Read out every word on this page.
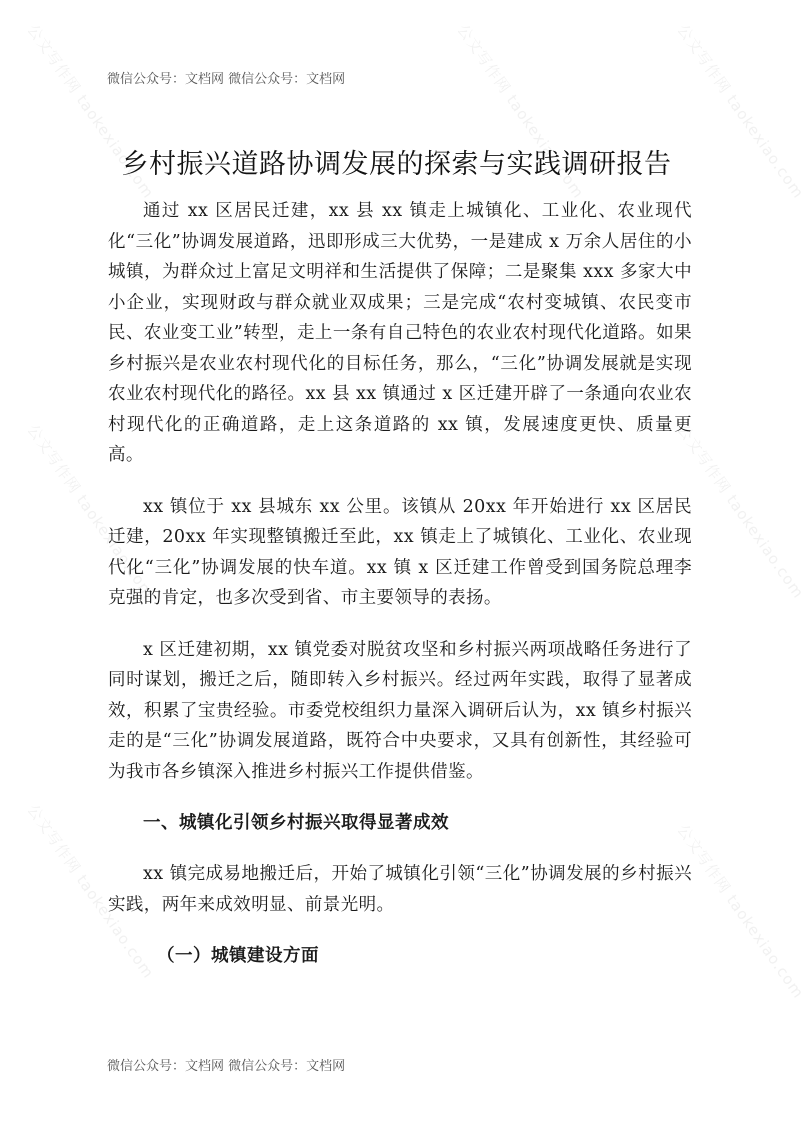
公文写作网 taokexiao.com
公文写作网 taokexiao.com
公文写作网 taokexiao.com
公文写作网 taokexiao.com
公文写作网 taokexiao.com
公文写作网 taokexiao.com
公文写作网 taokexiao.com
微信公众号：文档网 微信公众号：文档网
乡村振兴道路协调发展的探索与实践调研报告

通过 xx 区居民迁建，xx 县 xx 镇走上城镇化、工业化、农业现代化“三化”协调发展道路，迅即形成三大优势，一是建成 x 万余人居住的小城镇，为群众过上富足文明祥和生活提供了保障；二是聚集 xxx 多家大中小企业，实现财政与群众就业双成果；三是完成“农村变城镇、农民变市民、农业变工业”转型，走上一条有自己特色的农业农村现代化道路。如果乡村振兴是农业农村现代化的目标任务，那么，“三化”协调发展就是实现农业农村现代化的路径。xx 县 xx 镇通过 x 区迁建开辟了一条通向农业农村现代化的正确道路，走上这条道路的 xx 镇，发展速度更快、质量更高。

xx 镇位于 xx 县城东 xx 公里。该镇从 20xx 年开始进行 xx 区居民迁建，20xx 年实现整镇搬迁至此，xx 镇走上了城镇化、工业化、农业现代化“三化”协调发展的快车道。xx 镇 x 区迁建工作曾受到国务院总理李克强的肯定，也多次受到省、市主要领导的表扬。

x 区迁建初期，xx 镇党委对脱贫攻坚和乡村振兴两项战略任务进行了同时谋划，搬迁之后，随即转入乡村振兴。经过两年实践，取得了显著成效，积累了宝贵经验。市委党校组织力量深入调研后认为，xx 镇乡村振兴走的是“三化”协调发展道路，既符合中央要求，又具有创新性，其经验可为我市各乡镇深入推进乡村振兴工作提供借鉴。

一、城镇化引领乡村振兴取得显著成效

xx 镇完成易地搬迁后，开始了城镇化引领“三化”协调发展的乡村振兴实践，两年来成效明显、前景光明。

（一）城镇建设方面
微信公众号：文档网 微信公众号：文档网
